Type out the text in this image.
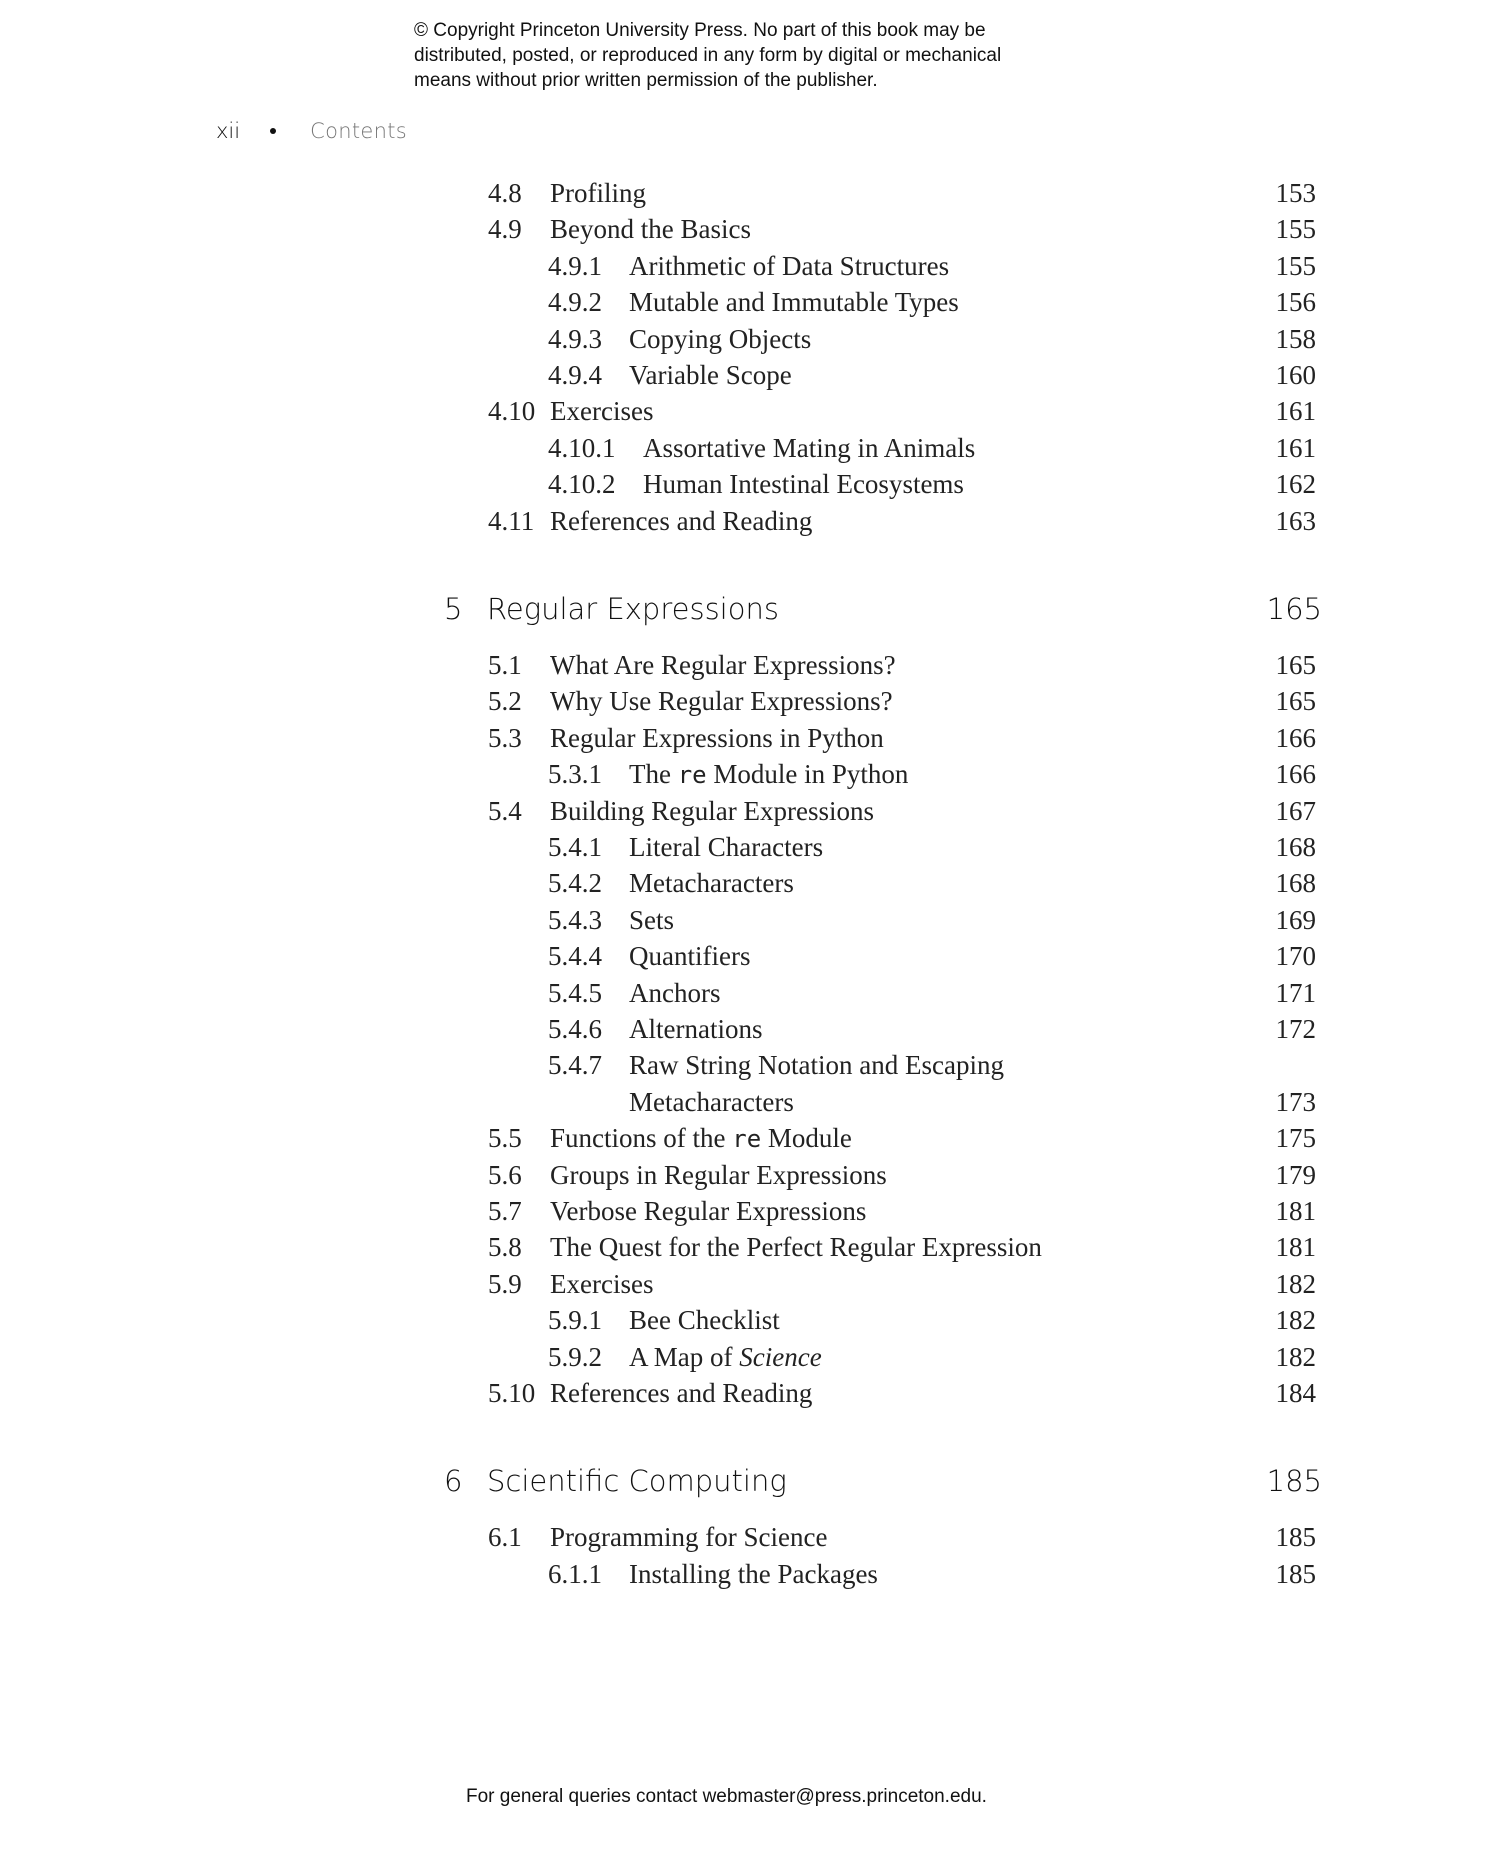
© Copyright Princeton University Press. No part of this book may be
distributed, posted, or reproduced in any form by digital or mechanical
means without prior written permission of the publisher.
xii	Contents
4.8 Profiling	153
4.9 Beyond the Basics	155
4.9.1 Arithmetic of Data Structures	155
4.9.2 Mutable and Immutable Types	156
4.9.3 Copying Objects	158
4.9.4 Variable Scope	160
4.10 Exercises	161
4.10.1 Assortative Mating in Animals	161
4.10.2 Human Intestinal Ecosystems	162
4.11 References and Reading	163
5 Regular Expressions	165
5.1 What Are Regular Expressions?	165
5.2 Why Use Regular Expressions?	165
5.3 Regular Expressions in Python	166
5.3.1 The re Module in Python	166
5.4 Building Regular Expressions	167
5.4.1 Literal Characters	168
5.4.2 Metacharacters	168
5.4.3 Sets	169
5.4.4 Quantifiers	170
5.4.5 Anchors	171
5.4.6 Alternations	172
5.4.7 Raw String Notation and Escaping
Metacharacters	173
5.5 Functions of the re Module	175
5.6 Groups in Regular Expressions	179
5.7 Verbose Regular Expressions	181
5.8 The Quest for the Perfect Regular Expression	181
5.9 Exercises	182
5.9.1 Bee Checklist	182
5.9.2 A Map of Science	182
5.10 References and Reading	184
6 Scientific Computing	185
6.1 Programming for Science	185
6.1.1 Installing the Packages	185
For general queries contact webmaster@press.princeton.edu.
